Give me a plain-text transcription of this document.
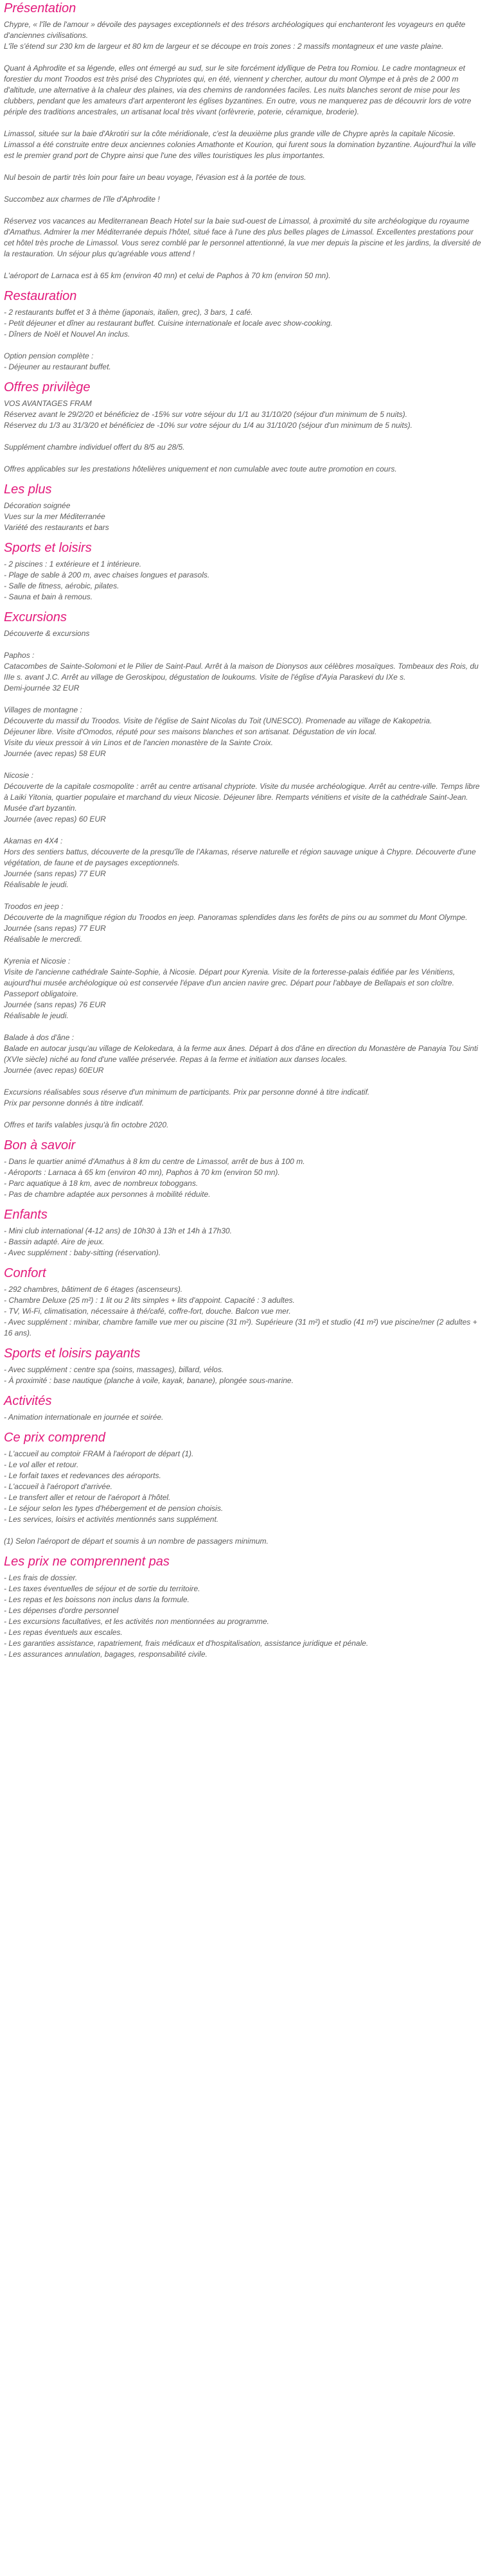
Présentation
Chypre, « l'île de l'amour » dévoile des paysages exceptionnels et des trésors archéologiques qui enchanteront les voyageurs en quête d'anciennes civilisations.
L'île s'étend sur 230 km de largeur et 80 km de largeur et se découpe en trois zones : 2 massifs montagneux et une vaste plaine.
Quant à Aphrodite et sa légende, elles ont émergé au sud, sur le site forcément idyllique de Petra tou Romiou. Le cadre montagneux et forestier du mont Troodos est très prisé des Chypriotes qui, en été, viennent y chercher, autour du mont Olympe et à près de 2 000 m d'altitude, une alternative à la chaleur des plaines, via des chemins de randonnées faciles. Les nuits blanches seront de mise pour les clubbers, pendant que les amateurs d'art arpenteront les églises byzantines. En outre, vous ne manquerez pas de découvrir lors de votre périple des traditions ancestrales, un artisanat local très vivant (orfèvrerie, poterie, céramique, broderie).
Limassol, située sur la baie d'Akrotiri sur la côte méridionale, c'est la deuxième plus grande ville de Chypre après la capitale Nicosie. Limassol a été construite entre deux anciennes colonies Amathonte et Kourion, qui furent sous la domination byzantine. Aujourd'hui la ville est le premier grand port de Chypre ainsi que l'une des villes touristiques les plus importantes.
Nul besoin de partir très loin pour faire un beau voyage, l'évasion est à la portée de tous.
Succombez aux charmes de l'île d'Aphrodite !
Réservez vos vacances au Mediterranean Beach Hotel sur la baie sud-ouest de Limassol, à proximité du site archéologique du royaume d'Amathus. Admirer la mer Méditerranée depuis l'hôtel, situé face à l'une des plus belles plages de Limassol. Excellentes prestations pour cet hôtel très proche de Limassol. Vous serez comblé par le personnel attentionné, la vue mer depuis la piscine et les jardins, la diversité de la restauration. Un séjour plus qu'agréable vous attend !
L'aéroport de Larnaca est à 65 km (environ 40 mn) et celui de Paphos à 70 km (environ 50 mn).
Restauration
- 2 restaurants buffet et 3 à thème (japonais, italien, grec), 3 bars, 1 café.
- Petit déjeuner et dîner au restaurant buffet. Cuisine internationale et locale avec show-cooking.
- Dîners de Noël et Nouvel An inclus.
Option pension complète :
- Déjeuner au restaurant buffet.
Offres privilège
VOS AVANTAGES FRAM
Réservez avant le 29/2/20 et bénéficiez de -15% sur votre séjour du 1/1 au 31/10/20 (séjour d'un minimum de 5 nuits).
Réservez du 1/3 au 31/3/20 et bénéficiez de -10% sur votre séjour du 1/4 au 31/10/20 (séjour d'un minimum de 5 nuits).
Supplément chambre individuel offert du 8/5 au 28/5.
Offres applicables sur les prestations hôtelières uniquement et non cumulable avec toute autre promotion en cours.
Les plus
Décoration soignée
Vues sur la mer Méditerranée
Variété des restaurants et bars
Sports et loisirs
- 2 piscines : 1 extérieure et 1 intérieure.
- Plage de sable à 200 m, avec chaises longues et parasols.
- Salle de fitness, aérobic, pilates.
- Sauna et bain à remous.
Excursions
Découverte & excursions
Paphos :
Catacombes de Sainte-Solomoni et le Pilier de Saint-Paul. Arrêt à la maison de Dionysos aux célèbres mosaïques. Tombeaux des Rois, du IIIe s. avant J.C. Arrêt au village de Geroskipou, dégustation de loukoums. Visite de l'église d'Ayia Paraskevi du IXe s.
Demi-journée 32 EUR
Villages de montagne :
Découverte du massif du Troodos. Visite de l'église de Saint Nicolas du Toit (UNESCO). Promenade au village de Kakopetria.
Déjeuner libre. Visite d'Omodos, réputé pour ses maisons blanches et son artisanat. Dégustation de vin local.
Visite du vieux pressoir à vin Linos et de l'ancien monastère de la Sainte Croix.
Journée (avec repas) 58 EUR
Nicosie :
Découverte de la capitale cosmopolite : arrêt au centre artisanal chypriote. Visite du musée archéologique. Arrêt au centre-ville. Temps libre à Laiki Yitonia, quartier populaire et marchand du vieux Nicosie. Déjeuner libre. Remparts vénitiens et visite de la cathédrale Saint-Jean. Musée d'art byzantin.
Journée (avec repas) 60 EUR
Akamas en 4X4 :
Hors des sentiers battus, découverte de la presqu'île de l'Akamas, réserve naturelle et région sauvage unique à Chypre. Découverte d'une végétation, de faune et de paysages exceptionnels.
Journée (sans repas) 77 EUR
Réalisable le jeudi.
Troodos en jeep :
Découverte de la magnifique région du Troodos en jeep. Panoramas splendides dans les forêts de pins ou au sommet du Mont Olympe.
Journée (sans repas) 77 EUR
Réalisable le mercredi.
Kyrenia et Nicosie :
Visite de l'ancienne cathédrale Sainte-Sophie, à Nicosie. Départ pour Kyrenia. Visite de la forteresse-palais édifiée par les Vénitiens, aujourd'hui musée archéologique où est conservée l'épave d'un ancien navire grec. Départ pour l'abbaye de Bellapais et son cloître. Passeport obligatoire.
Journée (sans repas) 76 EUR
Réalisable le jeudi.
Balade à dos d'âne :
Balade en autocar jusqu'au village de Kelokedara, à la ferme aux ânes. Départ à dos d'âne en direction du Monastère de Panayia Tou Sinti (XVIe siècle) niché au fond d'une vallée préservée. Repas à la ferme et initiation aux danses locales.
Journée (avec repas) 60EUR
Excursions réalisables sous réserve d'un minimum de participants. Prix par personne donné à titre indicatif.
Prix par personne donnés à titre indicatif.
Offres et tarifs valables jusqu'à fin octobre 2020.
Bon à savoir
- Dans le quartier animé d'Amathus à 8 km du centre de Limassol, arrêt de bus à 100 m.
- Aéroports : Larnaca à 65 km (environ 40 mn), Paphos à 70 km (environ 50 mn).
- Parc aquatique à 18 km, avec de nombreux toboggans.
- Pas de chambre adaptée aux personnes à mobilité réduite.
Enfants
- Mini club international (4-12 ans) de 10h30 à 13h et 14h à 17h30.
- Bassin adapté. Aire de jeux.
- Avec supplément : baby-sitting (réservation).
Confort
- 292 chambres, bâtiment de 6 étages (ascenseurs).
- Chambre Deluxe (25 m²) : 1 lit ou 2 lits simples + lits d'appoint. Capacité : 3 adultes.
- TV, Wi-Fi, climatisation, nécessaire à thé/café, coffre-fort, douche. Balcon vue mer.
- Avec supplément : minibar, chambre famille vue mer ou piscine (31 m²). Supérieure (31 m²) et studio (41 m²) vue piscine/mer (2 adultes + 16 ans).
Sports et loisirs payants
- Avec supplément : centre spa (soins, massages), billard, vélos.
- À proximité : base nautique (planche à voile, kayak, banane), plongée sous-marine.
Activités
- Animation internationale en journée et soirée.
Ce prix comprend
- L'accueil au comptoir FRAM à l'aéroport de départ (1).
- Le vol aller et retour.
- Le forfait taxes et redevances des aéroports.
- L'accueil à l'aéroport d'arrivée.
- Le transfert aller et retour de l'aéroport à l'hôtel.
- Le séjour selon les types d'hébergement et de pension choisis.
- Les services, loisirs et activités mentionnés sans supplément.
(1) Selon l'aéroport de départ et soumis à un nombre de passagers minimum.
Les prix ne comprennent pas
- Les frais de dossier.
- Les taxes éventuelles de séjour et de sortie du territoire.
- Les repas et les boissons non inclus dans la formule.
- Les dépenses d'ordre personnel
- Les excursions facultatives, et les activités non mentionnées au programme.
- Les repas éventuels aux escales.
- Les garanties assistance, rapatriement, frais médicaux et d'hospitalisation, assistance juridique et pénale.
- Les assurances annulation, bagages, responsabilité civile.
